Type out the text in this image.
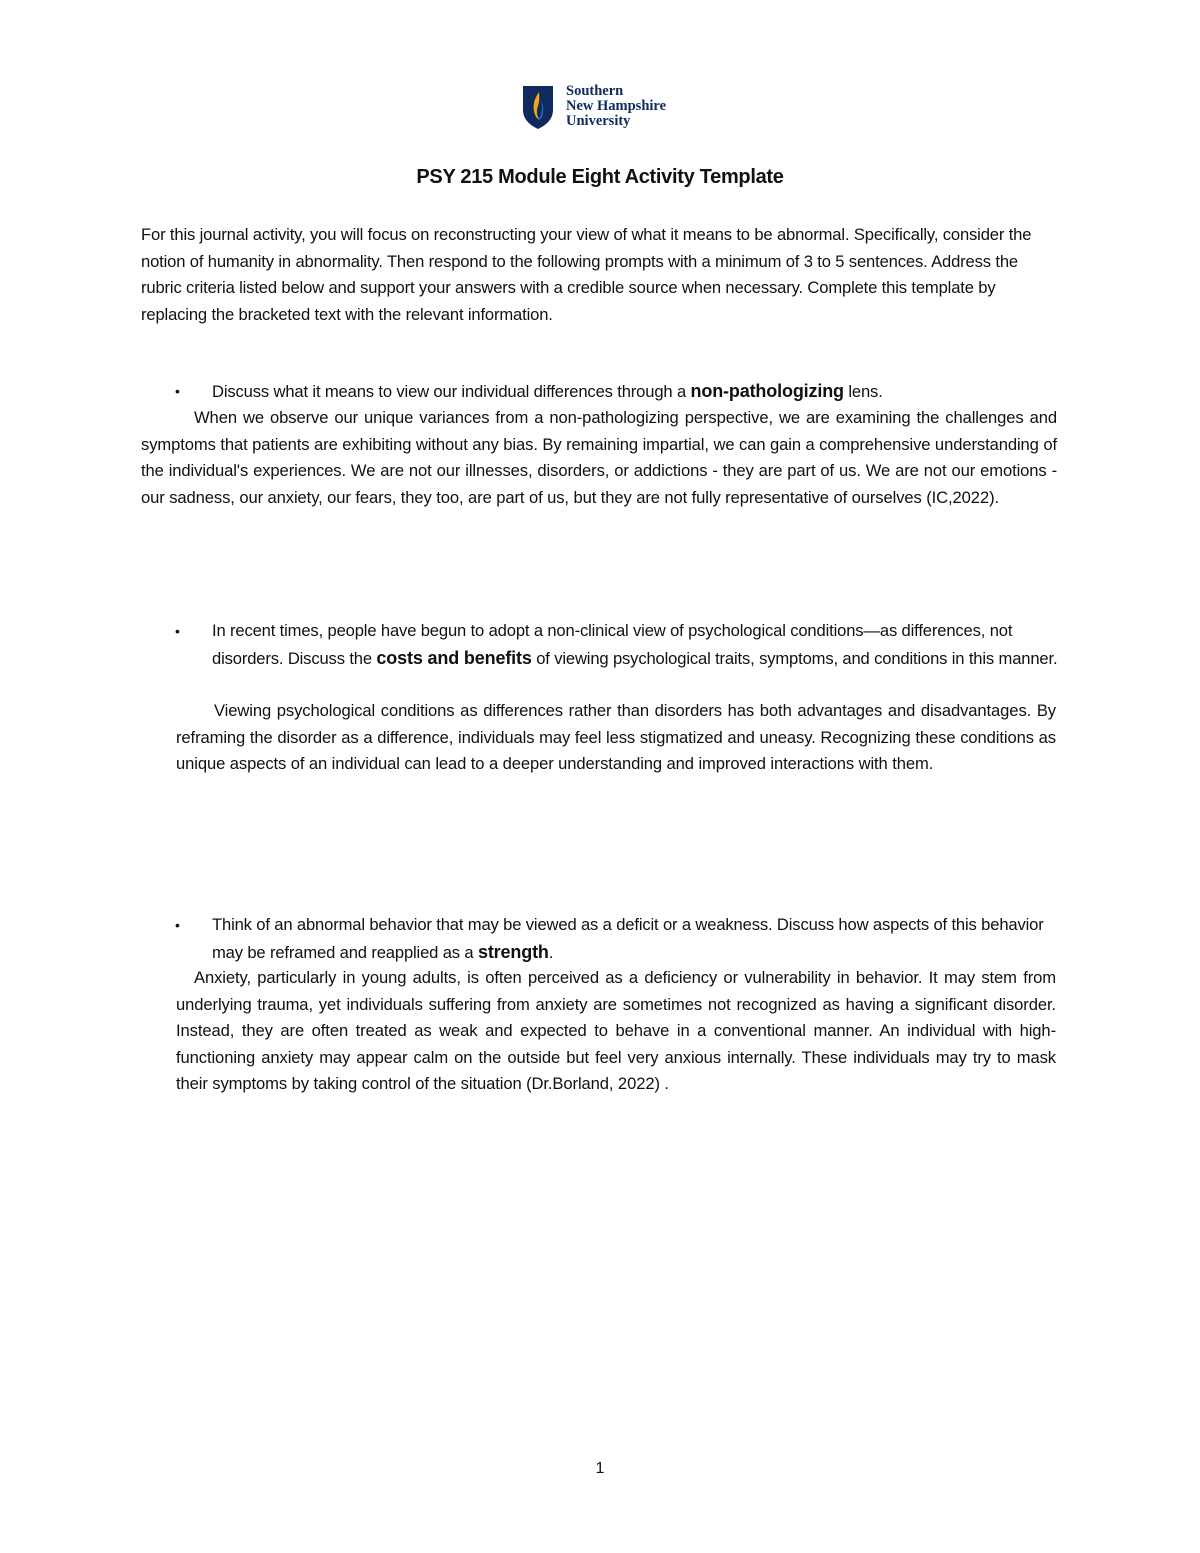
Southern
New Hampshire
University
PSY 215 Module Eight Activity Template
For this journal activity, you will focus on reconstructing your view of what it means to be abnormal. Specifically, consider the notion of humanity in abnormality. Then respond to the following prompts with a minimum of 3 to 5 sentences. Address the rubric criteria listed below and support your answers with a credible source when necessary. Complete this template by replacing the bracketed text with the relevant information.
• Discuss what it means to view our individual differences through a non-pathologizing lens.
When we observe our unique variances from a non-pathologizing perspective, we are examining the challenges and symptoms that patients are exhibiting without any bias. By remaining impartial, we can gain a comprehensive understanding of the individual's experiences. We are not our illnesses, disorders, or addictions - they are part of us. We are not our emotions - our sadness, our anxiety, our fears, they too, are part of us, but they are not fully representative of ourselves (IC,2022).
• In recent times, people have begun to adopt a non-clinical view of psychological conditions—as differences, not disorders. Discuss the costs and benefits of viewing psychological traits, symptoms, and conditions in this manner.
Viewing psychological conditions as differences rather than disorders has both advantages and disadvantages. By reframing the disorder as a difference, individuals may feel less stigmatized and uneasy. Recognizing these conditions as unique aspects of an individual can lead to a deeper understanding and improved interactions with them.
• Think of an abnormal behavior that may be viewed as a deficit or a weakness. Discuss how aspects of this behavior may be reframed and reapplied as a strength.
Anxiety, particularly in young adults, is often perceived as a deficiency or vulnerability in behavior. It may stem from underlying trauma, yet individuals suffering from anxiety are sometimes not recognized as having a significant disorder. Instead, they are often treated as weak and expected to behave in a conventional manner. An individual with high-functioning anxiety may appear calm on the outside but feel very anxious internally. These individuals may try to mask their symptoms by taking control of the situation (Dr.Borland, 2022) .
1
